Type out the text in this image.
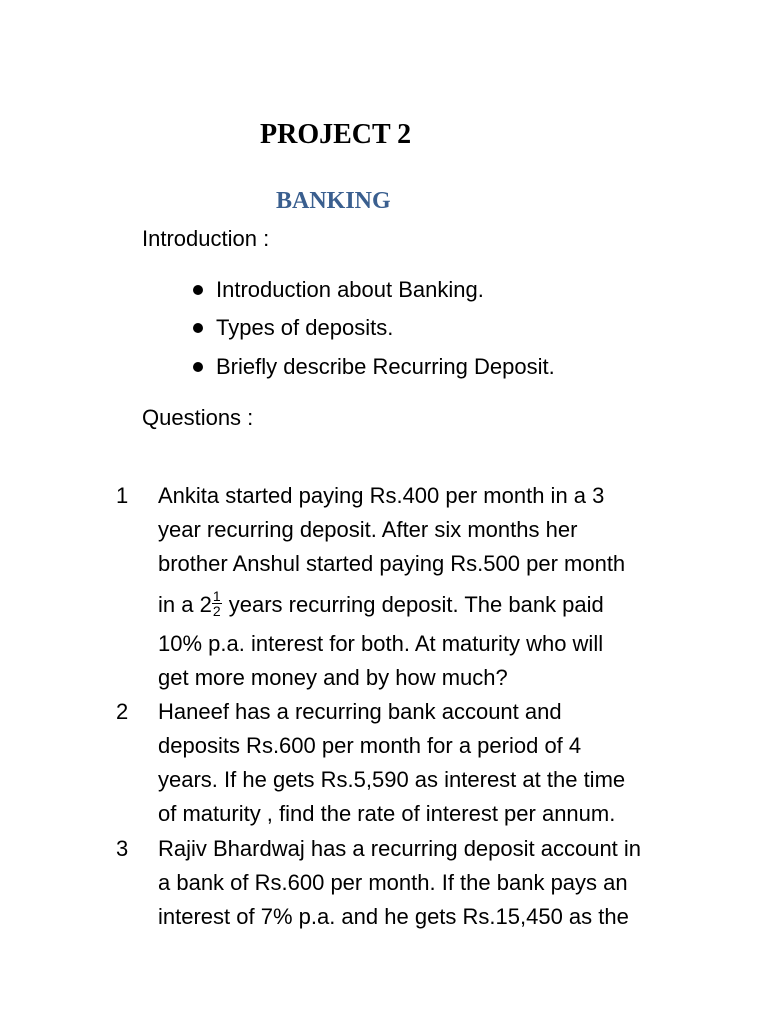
PROJECT 2
BANKING
Introduction :
Introduction about Banking.
Types of deposits.
Briefly describe Recurring Deposit.
Questions :
1 Ankita started paying Rs.400 per month in a 3
year recurring deposit. After six months her
brother Anshul started paying Rs.500 per month
in a $2 \frac{1}{2}$ years recurring deposit. The bank paid
10% p.a. interest for both. At maturity who will
get more money and by how much?
2 Haneef has a recurring bank account and
deposits Rs.600 per month for a period of 4
years. If he gets Rs.5,590 as interest at the time
of maturity , find the rate of interest per annum.
3 Rajiv Bhardwaj has a recurring deposit account in
a bank of Rs.600 per month. If the bank pays an
interest of 7% p.a. and he gets Rs.15,450 as the
